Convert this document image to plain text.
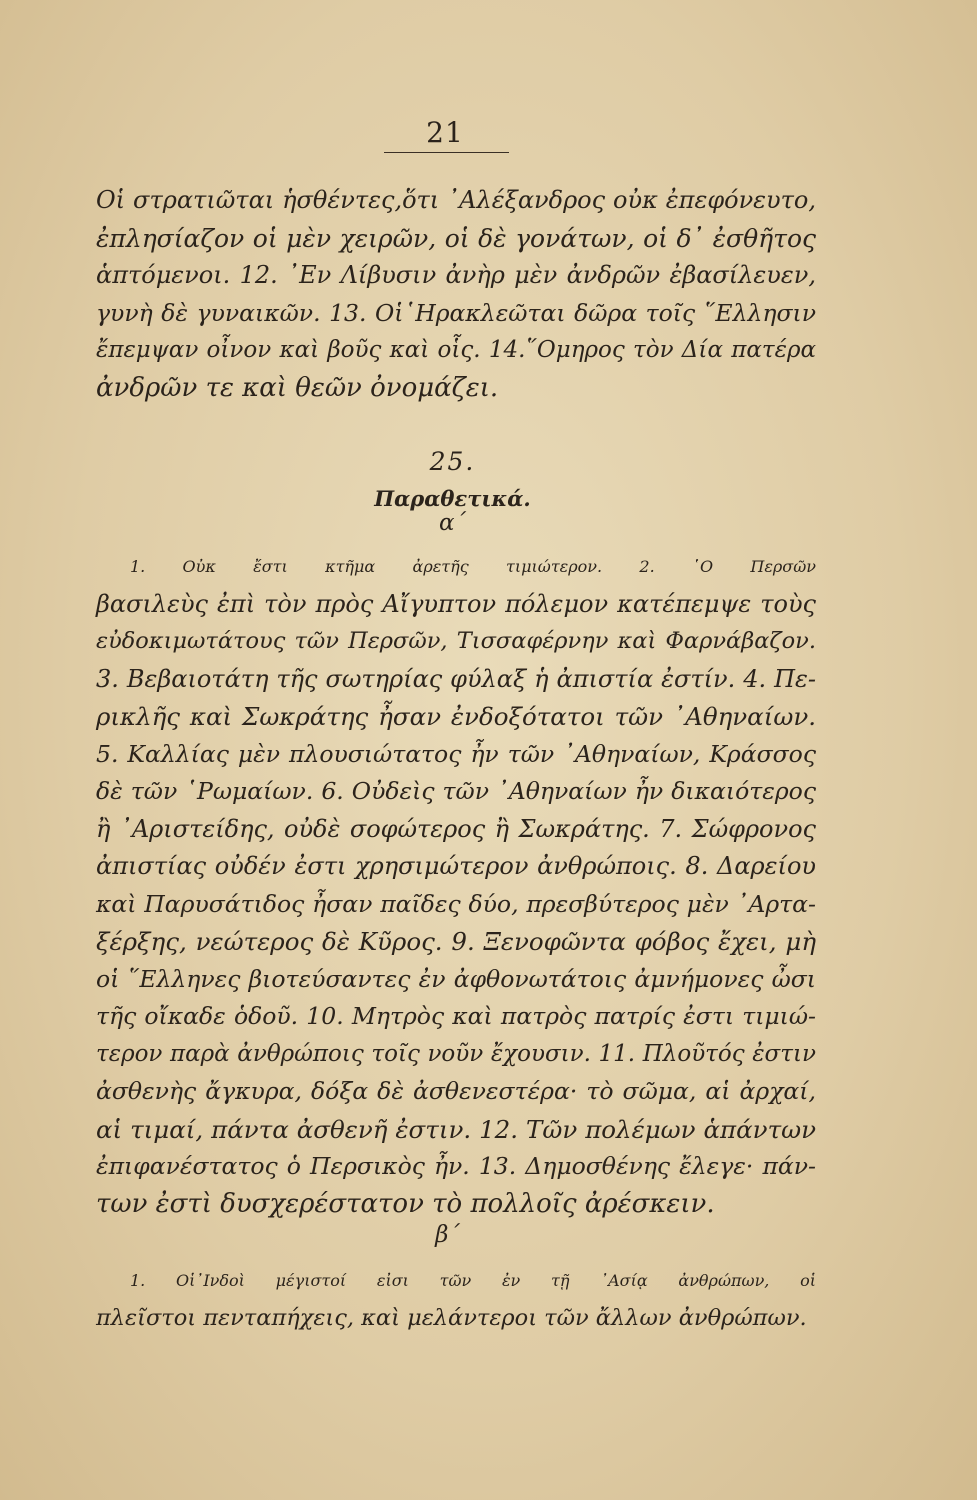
21
Οἱ στρατιῶται ἡσθέντες,ὅτι ᾿Αλέξανδρος οὐκ ἐπεφόνευτο,
ἐπλησίαζον οἱ μὲν χειρῶν, οἱ δὲ γονάτων, οἱ δ᾿ ἐσθῆτος
ἁπτόμενοι. 12. ᾿Εν Λίβυσιν ἀνὴρ μὲν ἀνδρῶν ἐβασίλευεν,
γυνὴ δὲ γυναικῶν. 13. Οἱ῾Ηρακλεῶται δῶρα τοῖς ῞Ελλησιν
ἔπεμψαν οἶνον καὶ βοῦς καὶ οἷς. 14.῞Ομηρος τὸν Δία πατέρα
ἀνδρῶν τε καὶ θεῶν ὀνομάζει.
25.
Παραθετικά.
α΄
1. Οὐκ ἔστι κτῆμα ἀρετῆς τιμιώτερον. 2. ῾Ο Περσῶν
βασιλεὺς ἐπὶ τὸν πρὸς Αἴγυπτον πόλεμον κατέπεμψε τοὺς
εὐδοκιμωτάτους τῶν Περσῶν, Τισσαφέρνην καὶ Φαρνάβαζον.
3. Βεβαιοτάτη τῆς σωτηρίας φύλαξ ἡ ἀπιστία ἐστίν. 4. Πε-
ρικλῆς καὶ Σωκράτης ἦσαν ἐνδοξότατοι τῶν ᾿Αθηναίων.
5. Καλλίας μὲν πλουσιώτατος ἦν τῶν ᾿Αθηναίων, Κράσσος
δὲ τῶν ῾Ρωμαίων. 6. Οὐδεὶς τῶν ᾿Αθηναίων ἦν δικαιότερος
ἢ ᾿Αριστείδης, οὐδὲ σοφώτερος ἢ Σωκράτης. 7. Σώφρονος
ἀπιστίας οὐδέν ἐστι χρησιμώτερον ἀνθρώποις. 8. Δαρείου
καὶ Παρυσάτιδος ἦσαν παῖδες δύο, πρεσβύτερος μὲν ᾿Αρτα-
ξέρξης, νεώτερος δὲ Κῦρος. 9. Ξενοφῶντα φόβος ἔχει, μὴ
οἱ ῞Ελληνες βιοτεύσαντες ἐν ἀφθονωτάτοις ἀμνήμονες ὦσι
τῆς οἴκαδε ὁδοῦ. 10. Μητρὸς καὶ πατρὸς πατρίς ἐστι τιμιώ-
τερον παρὰ ἀνθρώποις τοῖς νοῦν ἔχουσιν. 11. Πλοῦτός ἐστιν
ἀσθενὴς ἄγκυρα, δόξα δὲ ἀσθενεστέρα· τὸ σῶμα, αἱ ἀρχαί,
αἱ τιμαί, πάντα ἀσθενῆ ἐστιν. 12. Τῶν πολέμων ἁπάντων
ἐπιφανέστατος ὁ Περσικὸς ἦν. 13. Δημοσθένης ἔλεγε· πάν-
των ἐστὶ δυσχερέστατον τὸ πολλοῖς ἀρέσκειν.
β΄
1. Οἱ᾿Ινδοὶ μέγιστοί εἰσι τῶν ἐν τῇ ᾿Ασίᾳ ἀνθρώπων, οἱ
πλεῖστοι πενταπήχεις, καὶ μελάντεροι τῶν ἄλλων ἀνθρώπων.
